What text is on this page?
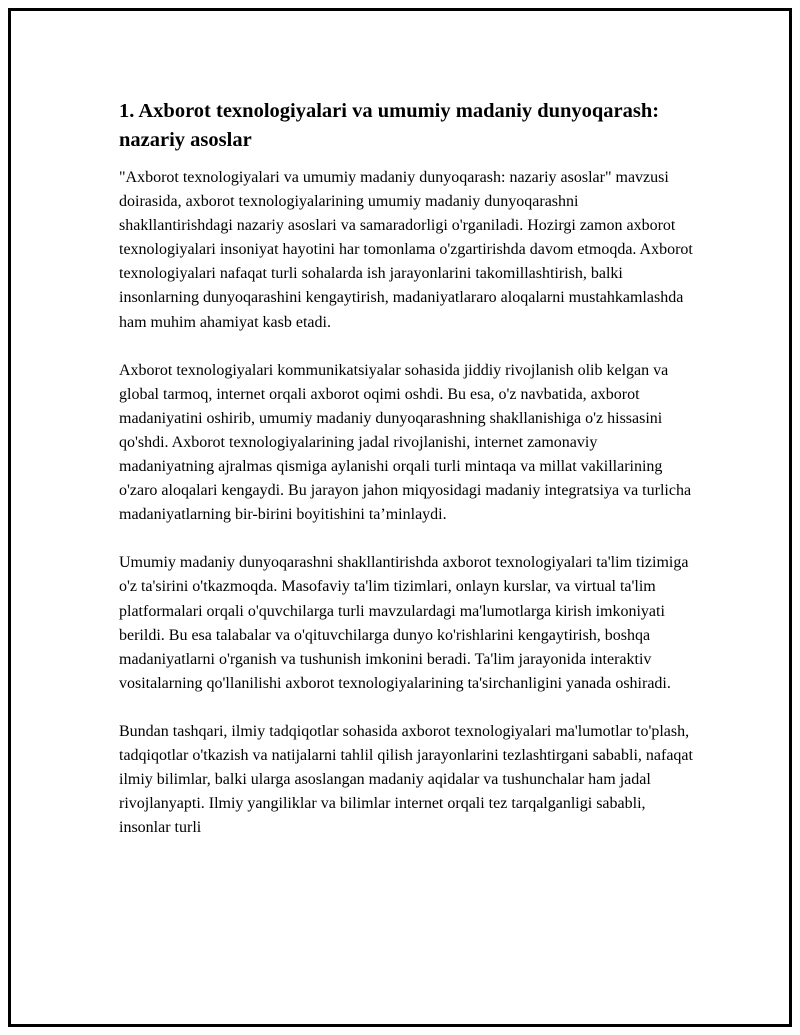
1. Axborot texnologiyalari va umumiy madaniy dunyoqarash: nazariy asoslar

"Axborot texnologiyalari va umumiy madaniy dunyoqarash: nazariy asoslar" mavzusi doirasida, axborot texnologiyalarining umumiy madaniy dunyoqarashni shakllantirishdagi nazariy asoslari va samaradorligi o'rganiladi. Hozirgi zamon axborot texnologiyalari insoniyat hayotini har tomonlama o'zgartirishda davom etmoqda. Axborot texnologiyalari nafaqat turli sohalarda ish jarayonlarini takomillashtirish, balki insonlarning dunyoqarashini kengaytirish, madaniyatlararo aloqalarni mustahkamlashda ham muhim ahamiyat kasb etadi.

Axborot texnologiyalari kommunikatsiyalar sohasida jiddiy rivojlanish olib kelgan va global tarmoq, internet orqali axborot oqimi oshdi. Bu esa, o'z navbatida, axborot madaniyatini oshirib, umumiy madaniy dunyoqarashning shakllanishiga o'z hissasini qo'shdi. Axborot texnologiyalarining jadal rivojlanishi, internet zamonaviy madaniyatning ajralmas qismiga aylanishi orqali turli mintaqa va millat vakillarining o'zaro aloqalari kengaydi. Bu jarayon jahon miqyosidagi madaniy integratsiya va turlicha madaniyatlarning bir-birini boyitishini ta’minlaydi.

Umumiy madaniy dunyoqarashni shakllantirishda axborot texnologiyalari ta'lim tizimiga o'z ta'sirini o'tkazmoqda. Masofaviy ta'lim tizimlari, onlayn kurslar, va virtual ta'lim platformalari orqali o'quvchilarga turli mavzulardagi ma'lumotlarga kirish imkoniyati berildi. Bu esa talabalar va o'qituvchilarga dunyo ko'rishlarini kengaytirish, boshqa madaniyatlarni o'rganish va tushunish imkonini beradi. Ta'lim jarayonida interaktiv vositalarning qo'llanilishi axborot texnologiyalarining ta'sirchanligini yanada oshiradi.

Bundan tashqari, ilmiy tadqiqotlar sohasida axborot texnologiyalari ma'lumotlar to'plash, tadqiqotlar o'tkazish va natijalarni tahlil qilish jarayonlarini tezlashtirgani sababli, nafaqat ilmiy bilimlar, balki ularga asoslangan madaniy aqidalar va tushunchalar ham jadal rivojlanyapti. Ilmiy yangiliklar va bilimlar internet orqali tez tarqalganligi sababli, insonlar turli
